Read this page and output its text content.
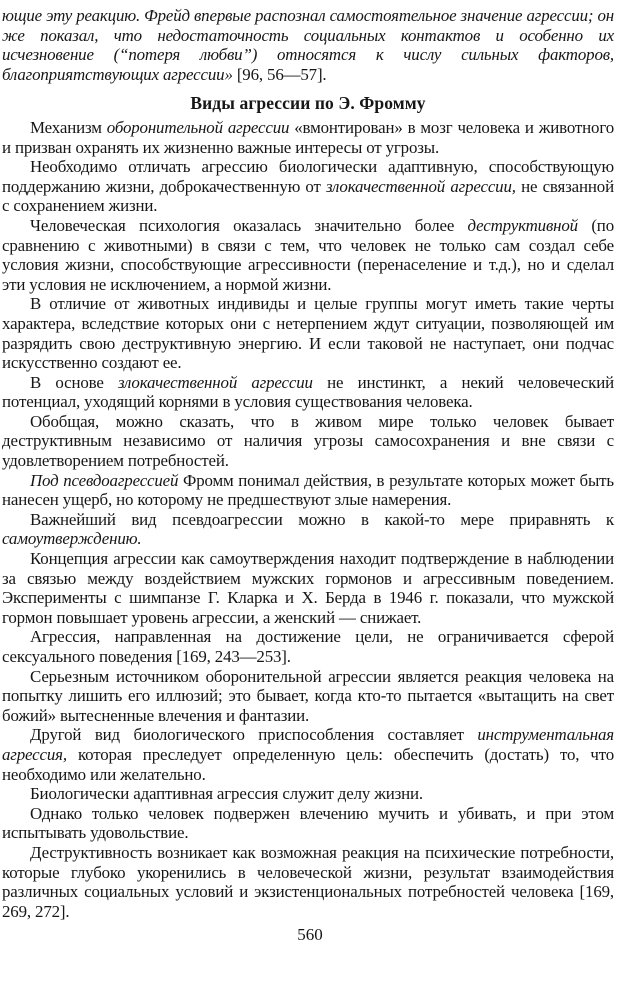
ющие эту реакцию. Фрейд впервые распознал самостоятельное значение агрессии; он же показал, что недостаточность социальных контактов и особенно их исчезновение (“потеря любви”) относятся к числу сильных факторов, благоприятствующих агрессии» [96, 56—57].

Виды агрессии по Э. Фромму

Механизм оборонительной агрессии «вмонтирован» в мозг человека и животного и призван охранять их жизненно важные интересы от угрозы.

Необходимо отличать агрессию биологически адаптивную, способствующую поддержанию жизни, доброкачественную от злокачественной агрессии, не связанной с сохранением жизни.

Человеческая психология оказалась значительно более деструктивной (по сравнению с животными) в связи с тем, что человек не только сам создал себе условия жизни, способствующие агрессивности (перенаселение и т.д.), но и сделал эти условия не исключением, а нормой жизни.

В отличие от животных индивиды и целые группы могут иметь такие черты характера, вследствие которых они с нетерпением ждут ситуации, позволяющей им разрядить свою деструктивную энергию. И если таковой не наступает, они подчас искусственно создают ее.

В основе злокачественной агрессии не инстинкт, а некий человеческий потенциал, уходящий корнями в условия существования человека.

Обобщая, можно сказать, что в живом мире только человек бывает деструктивным независимо от наличия угрозы самосохранения и вне связи с удовлетворением потребностей.

Под псевдоагрессией Фромм понимал действия, в результате которых может быть нанесен ущерб, но которому не предшествуют злые намерения.

Важнейший вид псевдоагрессии можно в какой-то мере приравнять к самоутверждению.

Концепция агрессии как самоутверждения находит подтверждение в наблюдении за связью между воздействием мужских гормонов и агрессивным поведением. Эксперименты с шимпанзе Г. Кларка и Х. Берда в 1946 г. показали, что мужской гормон повышает уровень агрессии, а женский — снижает.

Агрессия, направленная на достижение цели, не ограничивается сферой сексуального поведения [169, 243—253].

Серьезным источником оборонительной агрессии является реакция человека на попытку лишить его иллюзий; это бывает, когда кто-то пытается «вытащить на свет божий» вытесненные влечения и фантазии.

Другой вид биологического приспособления составляет инструментальная агрессия, которая преследует определенную цель: обеспечить (достать) то, что необходимо или желательно.

Биологически адаптивная агрессия служит делу жизни.

Однако только человек подвержен влечению мучить и убивать, и при этом испытывать удовольствие.

Деструктивность возникает как возможная реакция на психические потребности, которые глубоко укоренились в человеческой жизни, результат взаимодействия различных социальных условий и экзистенциональных потребностей человека [169, 269, 272].

560
